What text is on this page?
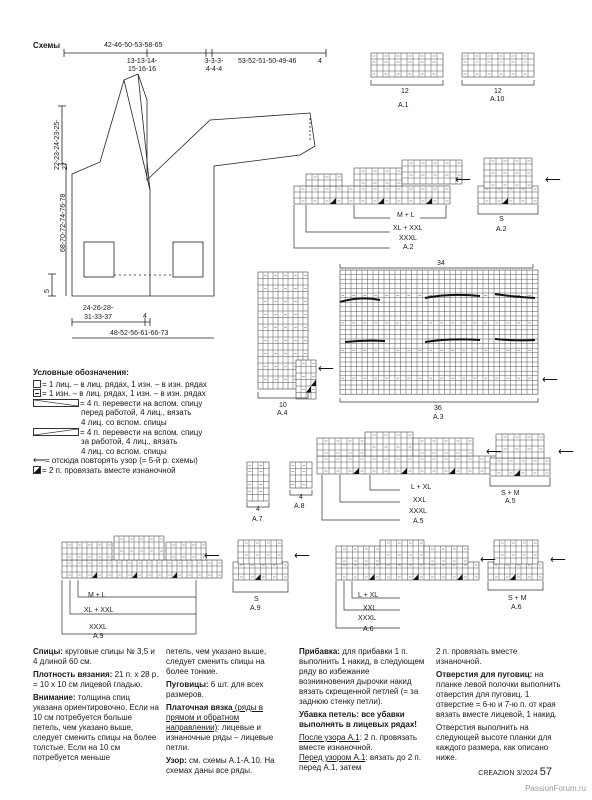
Схемы	42-46-50-53-58-65
13-13-14-15-16-16
3-3-3-4-4-4
53-52-51-50-49-46	4
22-23-24-23-25-27
68-70-72-74-76-78
5
24-26-28-31-33-37	4
48-52-56-61-66-73
⟵	⟵
⟵
⟵
⟵	⟵
⟵	⟵	⟵	⟵
12
A.1
12
A.10
M + L
XL + XXL
XXXL
A.2
S
A.2
10
A.4
34
36
A.3
4
A.7
4
A.8
L + XL
XXL
XXXL
A.5
S + M
A.5
M + L
XL + XXL
XXXL
A.9
S
A.9
L + XL
XXL
XXXL
A.6
S + M
A.6
Условные обозначения:
= 1 лиц. – в лиц. рядах, 1 изн. – в изн. рядах
= 1 изн. – в лиц. рядах, 1 изн. – в изн. рядах
= 4 п. перевести на вспом. спицу
перед работой, 4 лиц., вязать
4 лиц. со вспом. спицы
= 4 п. перевести на вспом. спицу
за работой, 4 лиц., вязать
4 лиц. со вспом. спицы
⟵= отсюда повторять узор (= 5-й р. схемы)
= 2 п. провязать вместе изнаночной

Спицы: круговые спицы № 3,5 и 4 длиной 60 см.

Плотность вязания: 21 п. х 28 р. = 10 х 10 см лицевой гладью.

Внимание: толщина спиц указана ориентировочно. Если на 10 см потребуется больше петель, чем указано выше, следует сменить спицы на более толстые. Если на 10 см потребуется меньше

петель, чем указано выше, следует сменить спицы на более тонкие.

Пуговицы: 6 шт. для всех размеров.

Платочная вязка (ряды в прямом и обратном направлении): лицевые и изнаночные ряды – лицевые петли.

Узор: см. схемы А.1-А.10. На схемах даны все ряды.

Прибавка: для прибавки 1 п. выполнить 1 накид, в следующем ряду во избежание возникновения дырочки накид вязать скрещенной петлей (= за заднюю стенку петли).

Убавка петель: все убавки выполнять в лицевых рядах!

После узора А.1: 2 п. провязать вместе изнаночной.

Перед узором А.1: вязать до 2 п. перед А.1, затем

2 п. провязать вместе изнаночной.

Отверстия для пуговиц: на планке левой полочки выполнить отверстия для пуговиц. 1 отверстие = 6-ю и 7-ю п. от края вязать вместе лицевой, 1 накид.

Отверстия выполнить на следующей высоте планки для каждого размера, как описано ниже.

CREAZION 3/2024 57
PassionForum.ru
